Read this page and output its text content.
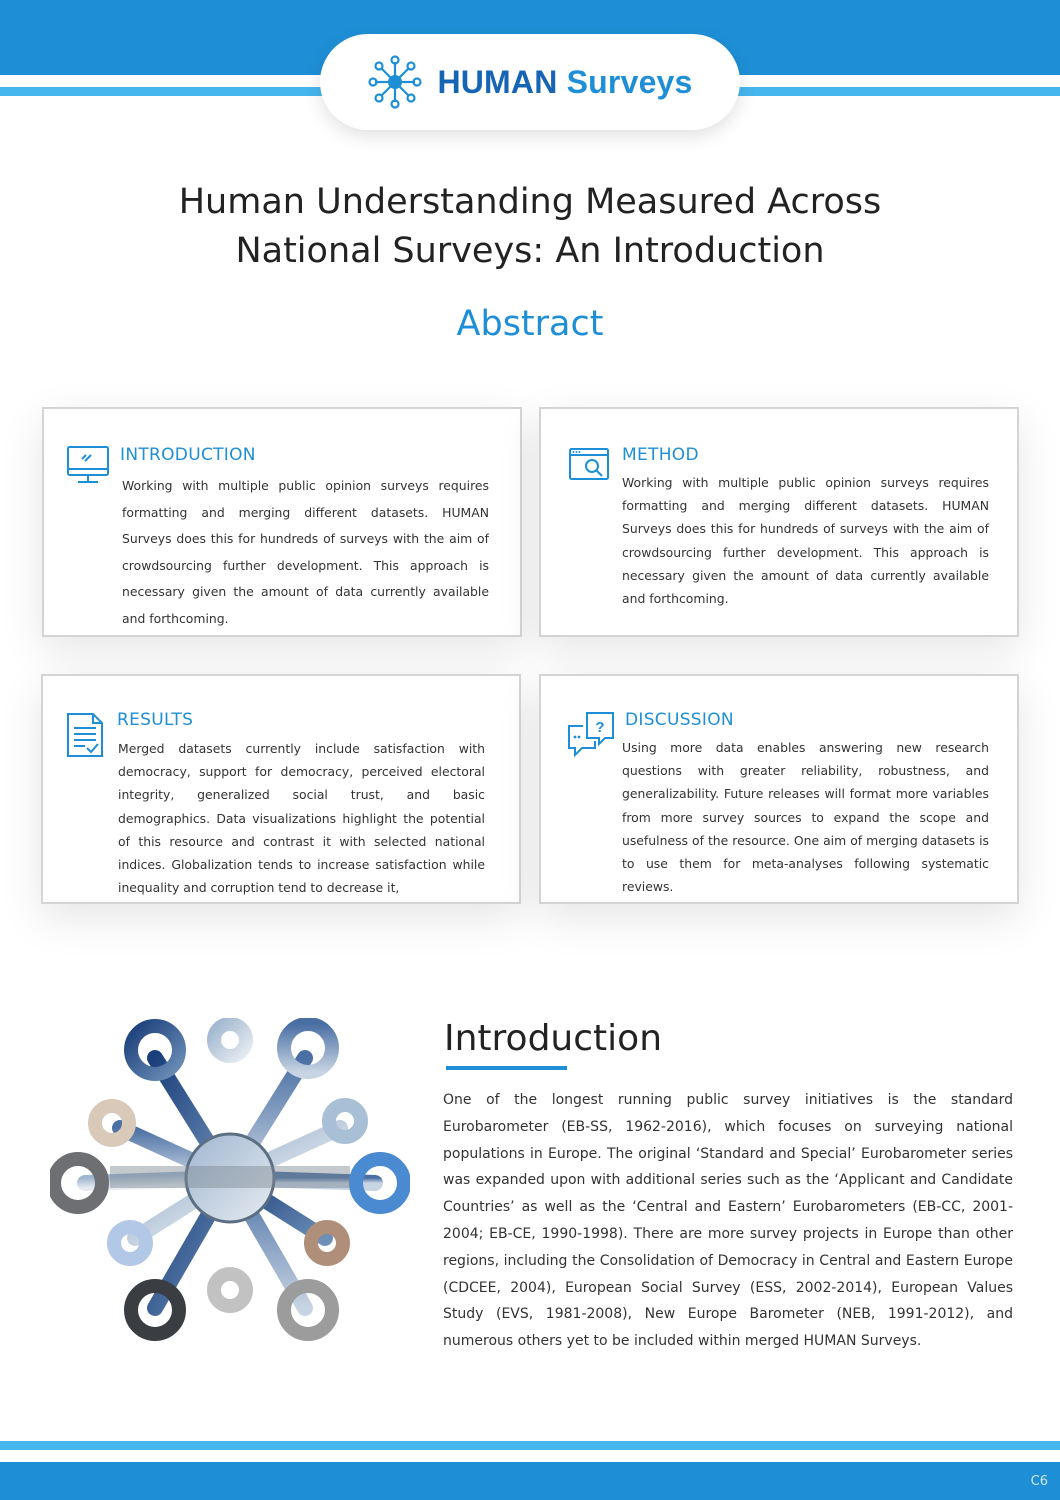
HUMAN Surveys
Human Understanding Measured Across
National Surveys: An Introduction
Abstract
INTRODUCTION

Working with multiple public opinion surveys requires formatting and merging different datasets. HUMAN Surveys does this for hundreds of surveys with the aim of crowdsourcing further development. This approach is necessary given the amount of data currently available and forthcoming.

METHOD

Working with multiple public opinion surveys requires formatting and merging different datasets. HUMAN Surveys does this for hundreds of surveys with the aim of crowdsourcing further development. This approach is necessary given the amount of data currently available and forthcoming.

RESULTS

Merged datasets currently include satisfaction with democracy, support for democracy, perceived electoral integrity, generalized social trust, and basic demographics. Data visualizations highlight the potential of this resource and contrast it with selected national indices. Globalization tends to increase satisfaction while inequality and corruption tend to decrease it,

? DISCUSSION

Using more data enables answering new research questions with greater reliability, robustness, and generalizability. Future releases will format more variables from more survey sources to expand the scope and usefulness of the resource. One aim of merging datasets is to use them for meta-analyses following systematic reviews.

Introduction

One of the longest running public survey initiatives is the standard Eurobarometer (EB-SS, 1962-2016), which focuses on surveying national populations in Europe. The original ‘Standard and Special’ Eurobarometer series was expanded upon with additional series such as the ‘Applicant and Candidate Countries’ as well as the ‘Central and Eastern’ Eurobarometers (EB-CC, 2001-2004; EB-CE, 1990-1998). There are more survey projects in Europe than other regions, including the Consolidation of Democracy in Central and Eastern Europe (CDCEE, 2004), European Social Survey (ESS, 2002-2014), European Values Study (EVS, 1981-2008), New Europe Barometer (NEB, 1991-2012), and numerous others yet to be included within merged HUMAN Surveys.

C6
